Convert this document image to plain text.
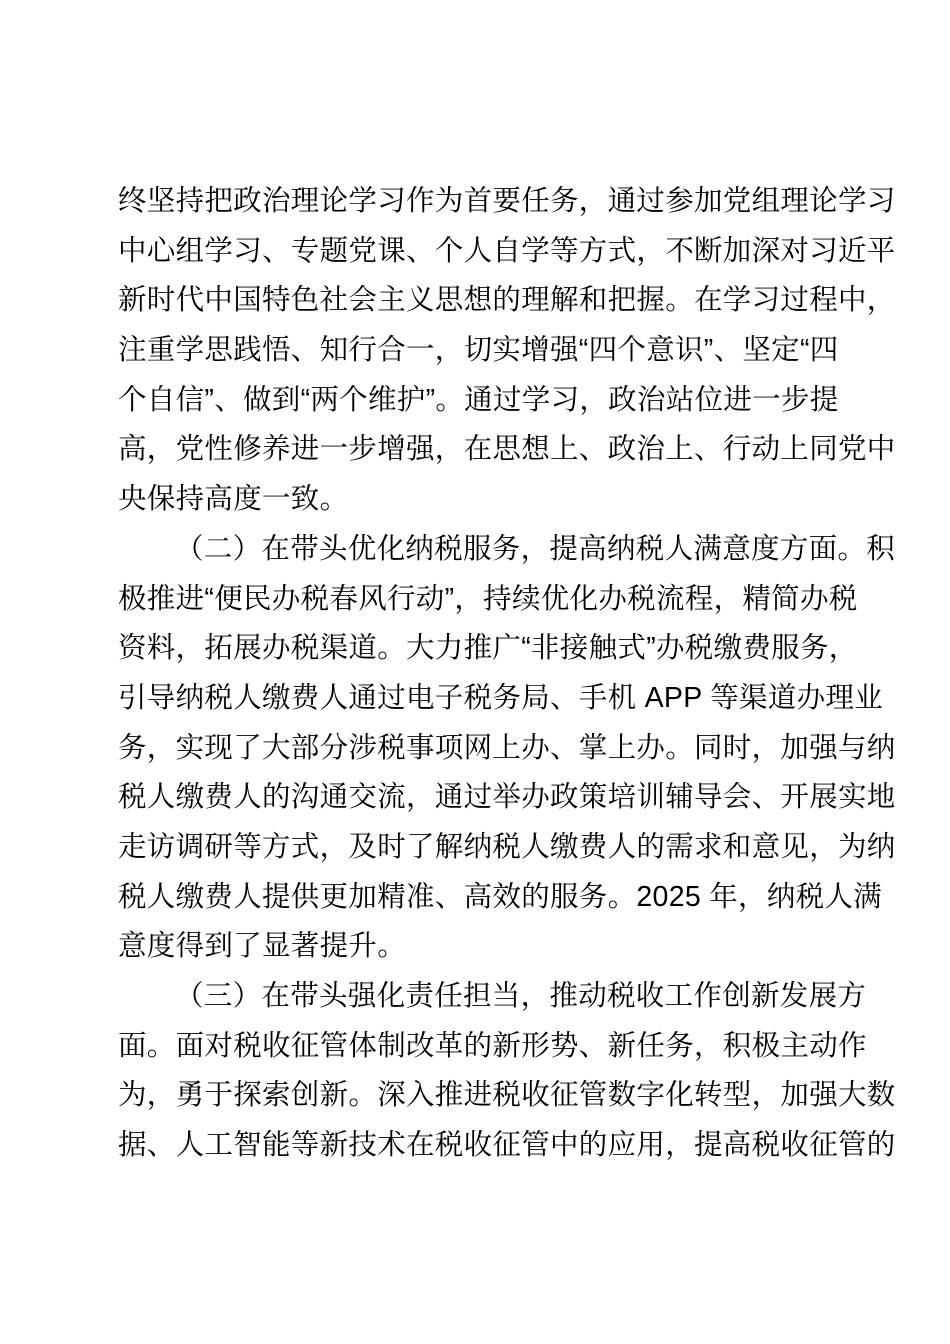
终坚持把政治理论学习作为首要任务，通过参加党组理论学习
中心组学习、专题党课、个人自学等方式，不断加深对习近平
新时代中国特色社会主义思想的理解和把握。在学习过程中，
注重学思践悟、知行合一，切实增强“四个意识”、坚定“四
个自信”、做到“两个维护”。通过学习，政治站位进一步提
高，党性修养进一步增强，在思想上、政治上、行动上同党中
央保持高度一致。
（二）在带头优化纳税服务，提高纳税人满意度方面。积
极推进“便民办税春风行动”，持续优化办税流程，精简办税
资料，拓展办税渠道。大力推广“非接触式”办税缴费服务，
引导纳税人缴费人通过电子税务局、手机 APP 等渠道办理业
务，实现了大部分涉税事项网上办、掌上办。同时，加强与纳
税人缴费人的沟通交流，通过举办政策培训辅导会、开展实地
走访调研等方式，及时了解纳税人缴费人的需求和意见，为纳
税人缴费人提供更加精准、高效的服务。2025 年，纳税人满
意度得到了显著提升。
（三）在带头强化责任担当，推动税收工作创新发展方
面。面对税收征管体制改革的新形势、新任务，积极主动作
为，勇于探索创新。深入推进税收征管数字化转型，加强大数
据、人工智能等新技术在税收征管中的应用，提高税收征管的
